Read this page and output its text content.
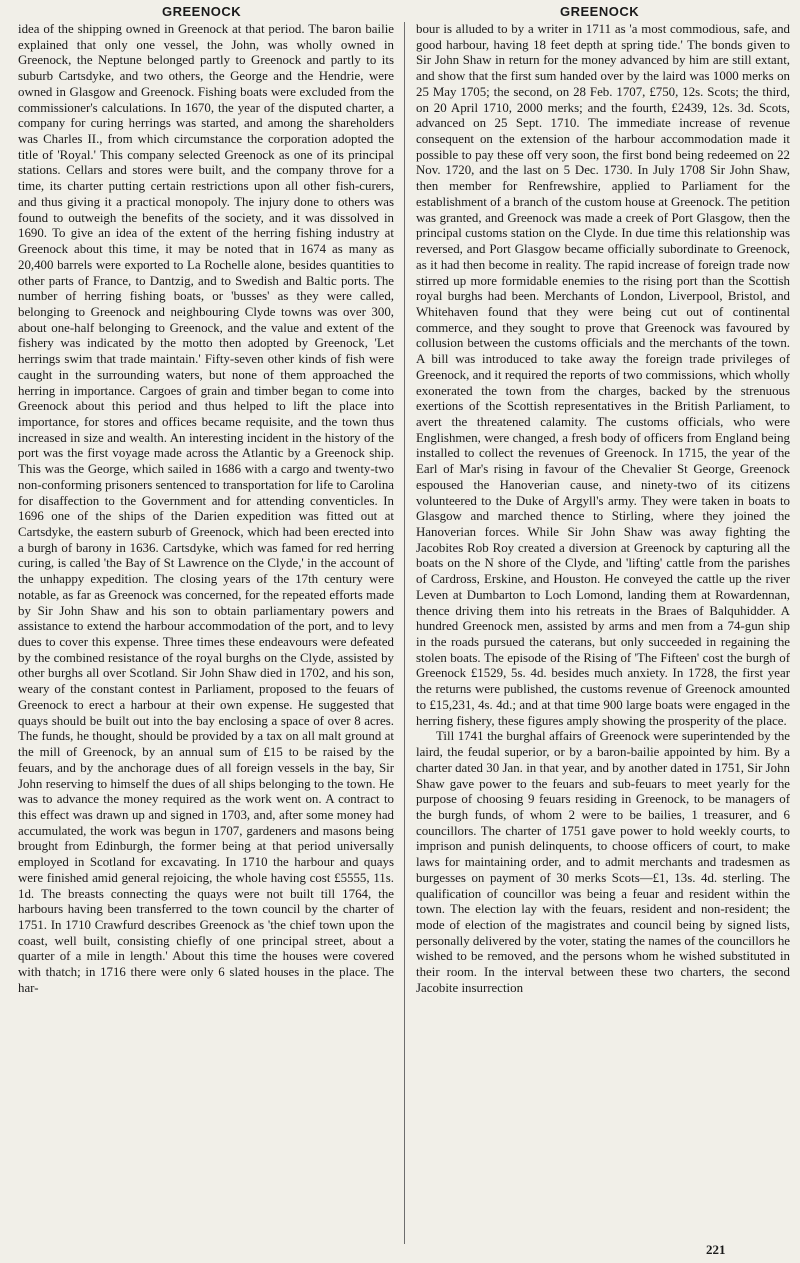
GREENOCK	GREENOCK

idea of the shipping owned in Greenock at that period. The baron bailie explained that only one vessel, the John, was wholly owned in Greenock, the Neptune belonged partly to Greenock and partly to its suburb Cartsdyke, and two others, the George and the Hendrie, were owned in Glasgow and Greenock. Fishing boats were excluded from the commissioner's calculations. In 1670, the year of the disputed charter, a company for curing herrings was started, and among the shareholders was Charles II., from which circumstance the corporation adopted the title of 'Royal.' This company selected Greenock as one of its principal stations. Cellars and stores were built, and the company throve for a time, its charter putting certain restrictions upon all other fish-curers, and thus giving it a practical monopoly. The injury done to others was found to outweigh the benefits of the society, and it was dissolved in 1690. To give an idea of the extent of the herring fishing industry at Greenock about this time, it may be noted that in 1674 as many as 20,400 barrels were exported to La Rochelle alone, besides quantities to other parts of France, to Dantzig, and to Swedish and Baltic ports. The number of herring fishing boats, or 'busses' as they were called, belonging to Greenock and neighbouring Clyde towns was over 300, about one-half belonging to Greenock, and the value and extent of the fishery was indicated by the motto then adopted by Greenock, 'Let herrings swim that trade maintain.' Fifty-seven other kinds of fish were caught in the surrounding waters, but none of them approached the herring in importance. Cargoes of grain and timber began to come into Greenock about this period and thus helped to lift the place into importance, for stores and offices became requisite, and the town thus increased in size and wealth. An interesting incident in the history of the port was the first voyage made across the Atlantic by a Greenock ship. This was the George, which sailed in 1686 with a cargo and twenty-two non-conforming prisoners sentenced to transportation for life to Carolina for disaffection to the Government and for attending conventicles. In 1696 one of the ships of the Darien expedition was fitted out at Cartsdyke, the eastern suburb of Greenock, which had been erected into a burgh of barony in 1636. Cartsdyke, which was famed for red herring curing, is called 'the Bay of St Lawrence on the Clyde,' in the account of the unhappy expedition. The closing years of the 17th century were notable, as far as Greenock was concerned, for the repeated efforts made by Sir John Shaw and his son to obtain parliamentary powers and assistance to extend the harbour accommodation of the port, and to levy dues to cover this expense. Three times these endeavours were defeated by the combined resistance of the royal burghs on the Clyde, assisted by other burghs all over Scotland. Sir John Shaw died in 1702, and his son, weary of the constant contest in Parliament, proposed to the feuars of Greenock to erect a harbour at their own expense. He suggested that quays should be built out into the bay enclosing a space of over 8 acres. The funds, he thought, should be provided by a tax on all malt ground at the mill of Greenock, by an annual sum of £15 to be raised by the feuars, and by the anchorage dues of all foreign vessels in the bay, Sir John reserving to himself the dues of all ships belonging to the town. He was to advance the money required as the work went on. A contract to this effect was drawn up and signed in 1703, and, after some money had accumulated, the work was begun in 1707, gardeners and masons being brought from Edinburgh, the former being at that period universally employed in Scotland for excavating. In 1710 the harbour and quays were finished amid general rejoicing, the whole having cost £5555, 11s. 1d. The breasts connecting the quays were not built till 1764, the harbours having been transferred to the town council by the charter of 1751. In 1710 Crawfurd describes Greenock as 'the chief town upon the coast, well built, consisting chiefly of one principal street, about a quarter of a mile in length.' About this time the houses were covered with thatch; in 1716 there were only 6 slated houses in the place. The har-

bour is alluded to by a writer in 1711 as 'a most commodious, safe, and good harbour, having 18 feet depth at spring tide.' The bonds given to Sir John Shaw in return for the money advanced by him are still extant, and show that the first sum handed over by the laird was 1000 merks on 25 May 1705; the second, on 28 Feb. 1707, £750, 12s. Scots; the third, on 20 April 1710, 2000 merks; and the fourth, £2439, 12s. 3d. Scots, advanced on 25 Sept. 1710. The immediate increase of revenue consequent on the extension of the harbour accommodation made it possible to pay these off very soon, the first bond being redeemed on 22 Nov. 1720, and the last on 5 Dec. 1730. In July 1708 Sir John Shaw, then member for Renfrewshire, applied to Parliament for the establishment of a branch of the custom house at Greenock. The petition was granted, and Greenock was made a creek of Port Glasgow, then the principal customs station on the Clyde. In due time this relationship was reversed, and Port Glasgow became officially subordinate to Greenock, as it had then become in reality. The rapid increase of foreign trade now stirred up more formidable enemies to the rising port than the Scottish royal burghs had been. Merchants of London, Liverpool, Bristol, and Whitehaven found that they were being cut out of continental commerce, and they sought to prove that Greenock was favoured by collusion between the customs officials and the merchants of the town. A bill was introduced to take away the foreign trade privileges of Greenock, and it required the reports of two commissions, which wholly exonerated the town from the charges, backed by the strenuous exertions of the Scottish representatives in the British Parliament, to avert the threatened calamity. The customs officials, who were Englishmen, were changed, a fresh body of officers from England being installed to collect the revenues of Greenock. In 1715, the year of the Earl of Mar's rising in favour of the Chevalier St George, Greenock espoused the Hanoverian cause, and ninety-two of its citizens volunteered to the Duke of Argyll's army. They were taken in boats to Glasgow and marched thence to Stirling, where they joined the Hanoverian forces. While Sir John Shaw was away fighting the Jacobites Rob Roy created a diversion at Greenock by capturing all the boats on the N shore of the Clyde, and 'lifting' cattle from the parishes of Cardross, Erskine, and Houston. He conveyed the cattle up the river Leven at Dumbarton to Loch Lomond, landing them at Rowardennan, thence driving them into his retreats in the Braes of Balquhidder. A hundred Greenock men, assisted by arms and men from a 74-gun ship in the roads pursued the caterans, but only succeeded in regaining the stolen boats. The episode of the Rising of 'The Fifteen' cost the burgh of Greenock £1529, 5s. 4d. besides much anxiety. In 1728, the first year the returns were published, the customs revenue of Greenock amounted to £15,231, 4s. 4d.; and at that time 900 large boats were engaged in the herring fishery, these figures amply showing the prosperity of the place.

Till 1741 the burghal affairs of Greenock were superintended by the laird, the feudal superior, or by a baron-bailie appointed by him. By a charter dated 30 Jan. in that year, and by another dated in 1751, Sir John Shaw gave power to the feuars and sub-feuars to meet yearly for the purpose of choosing 9 feuars residing in Greenock, to be managers of the burgh funds, of whom 2 were to be bailies, 1 treasurer, and 6 councillors. The charter of 1751 gave power to hold weekly courts, to imprison and punish delinquents, to choose officers of court, to make laws for maintaining order, and to admit merchants and tradesmen as burgesses on payment of 30 merks Scots—£1, 13s. 4d. sterling. The qualification of councillor was being a feuar and resident within the town. The election lay with the feuars, resident and non-resident; the mode of election of the magistrates and council being by signed lists, personally delivered by the voter, stating the names of the councillors he wished to be removed, and the persons whom he wished substituted in their room. In the interval between these two charters, the second Jacobite insurrection

221
